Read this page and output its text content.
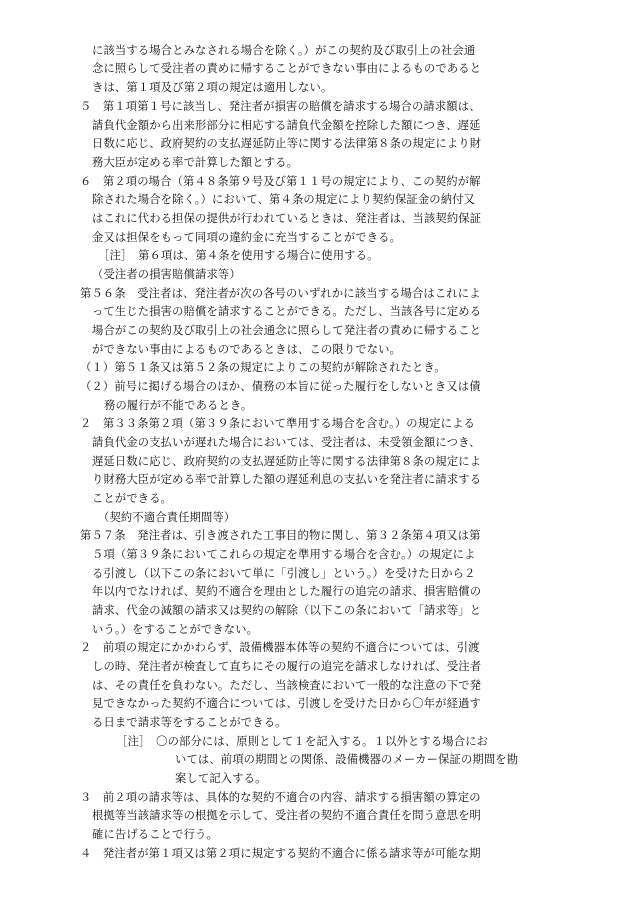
に該当する場合とみなされる場合を除く。）がこの契約及び取引上の社会通
念に照らして受注者の責めに帰することができない事由によるものであると
きは、第１項及び第２項の規定は適用しない。
５　第１項第１号に該当し、発注者が損害の賠償を請求する場合の請求額は、
請負代金額から出来形部分に相応する請負代金額を控除した額につき、遅延
日数に応じ、政府契約の支払遅延防止等に関する法律第８条の規定により財
務大臣が定める率で計算した額とする。
６　第２項の場合（第４８条第９号及び第１１号の規定により、この契約が解
除された場合を除く。）において、第４条の規定により契約保証金の納付又
はこれに代わる担保の提供が行われているときは、発注者は、当該契約保証
金又は担保をもって同項の違約金に充当することができる。
［注］　第６項は、第４条を使用する場合に使用する。
（受注者の損害賠償請求等）
第５６条　受注者は、発注者が次の各号のいずれかに該当する場合はこれによ
って生じた損害の賠償を請求することができる。ただし、当該各号に定める
場合がこの契約及び取引上の社会通念に照らして発注者の責めに帰すること
ができない事由によるものであるときは、この限りでない。
（１）第５１条又は第５２条の規定によりこの契約が解除されたとき。
（２）前号に掲げる場合のほか、債務の本旨に従った履行をしないとき又は債
務の履行が不能であるとき。
２　第３３条第２項（第３９条において準用する場合を含む。）の規定による
請負代金の支払いが遅れた場合においては、受注者は、未受領金額につき、
遅延日数に応じ、政府契約の支払遅延防止等に関する法律第８条の規定によ
り財務大臣が定める率で計算した額の遅延利息の支払いを発注者に請求する
ことができる。
（契約不適合責任期間等）
第５７条　発注者は、引き渡された工事目的物に関し、第３２条第４項又は第
５項（第３９条においてこれらの規定を準用する場合を含む。）の規定によ
る引渡し（以下この条において単に「引渡し」という。）を受けた日から２
年以内でなければ、契約不適合を理由とした履行の追完の請求、損害賠償の
請求、代金の減額の請求又は契約の解除（以下この条において「請求等」と
いう。）をすることができない。
２　前項の規定にかかわらず、設備機器本体等の契約不適合については、引渡
しの時、発注者が検査して直ちにその履行の追完を請求しなければ、受注者
は、その責任を負わない。ただし、当該検査において一般的な注意の下で発
見できなかった契約不適合については、引渡しを受けた日から〇年が経過す
る日まで請求等をすることができる。
［注］　〇の部分には、原則として１を記入する。１以外とする場合にお
いては、前項の期間との関係、設備機器のメーカー保証の期間を勘
案して記入する。
３　前２項の請求等は、具体的な契約不適合の内容、請求する損害額の算定の
根拠等当該請求等の根拠を示して、受注者の契約不適合責任を問う意思を明
確に告げることで行う。
４　発注者が第１項又は第２項に規定する契約不適合に係る請求等が可能な期
